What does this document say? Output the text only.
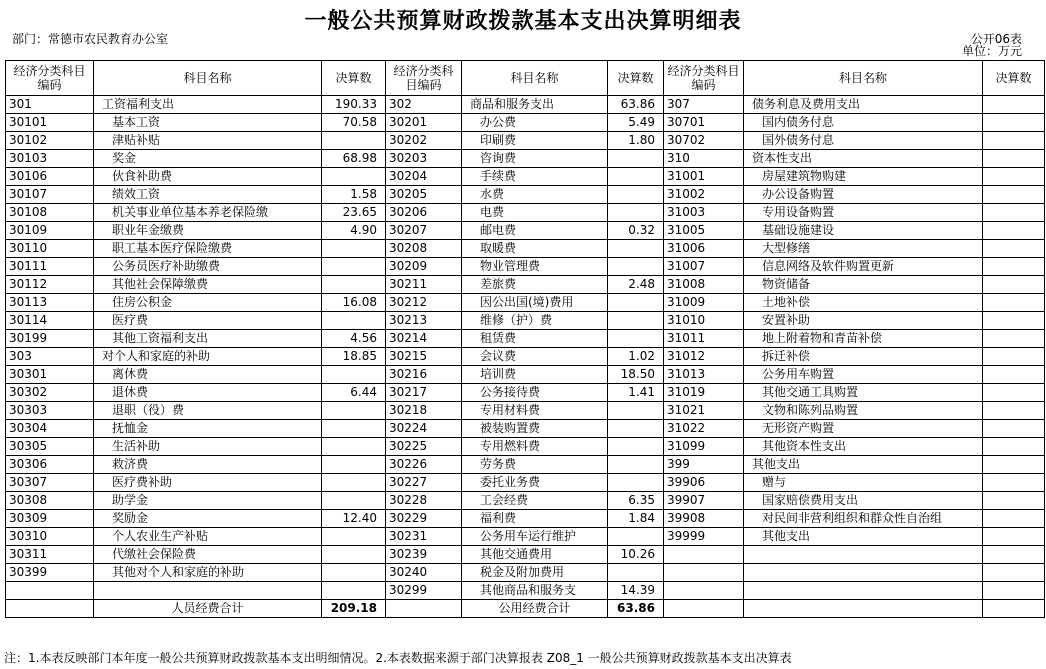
一般公共预算财政拨款基本支出决算明细表
部门：常德市农民教育办公室	公开06表
单位：万元
经济分类科目编码	科目名称	决算数	经济分类科目编码	科目名称	决算数	经济分类科目编码	科目名称	决算数
301	工资福利支出	190.33	302	商品和服务支出	63.86	307	债务利息及费用支出	
30101	基本工资	70.58	30201	办公费	5.49	30701	国内债务付息	
30102	津贴补贴		30202	印刷费	1.80	30702	国外债务付息	
30103	奖金	68.98	30203	咨询费		310	资本性支出	
30106	伙食补助费		30204	手续费		31001	房屋建筑物购建	
30107	绩效工资	1.58	30205	水费		31002	办公设备购置	
30108	机关事业单位基本养老保险缴	23.65	30206	电费		31003	专用设备购置	
30109	职业年金缴费	4.90	30207	邮电费	0.32	31005	基础设施建设	
30110	职工基本医疗保险缴费		30208	取暖费		31006	大型修缮	
30111	公务员医疗补助缴费		30209	物业管理费		31007	信息网络及软件购置更新	
30112	其他社会保障缴费		30211	差旅费	2.48	31008	物资储备	
30113	住房公积金	16.08	30212	因公出国(境)费用		31009	土地补偿	
30114	医疗费		30213	维修（护）费		31010	安置补助	
30199	其他工资福利支出	4.56	30214	租赁费		31011	地上附着物和青苗补偿	
303	对个人和家庭的补助	18.85	30215	会议费	1.02	31012	拆迁补偿	
30301	离休费		30216	培训费	18.50	31013	公务用车购置	
30302	退休费	6.44	30217	公务接待费	1.41	31019	其他交通工具购置	
30303	退职（役）费		30218	专用材料费		31021	文物和陈列品购置	
30304	抚恤金		30224	被装购置费		31022	无形资产购置	
30305	生活补助		30225	专用燃料费		31099	其他资本性支出	
30306	救济费		30226	劳务费		399	其他支出	
30307	医疗费补助		30227	委托业务费		39906	赠与	
30308	助学金		30228	工会经费	6.35	39907	国家赔偿费用支出	
30309	奖励金	12.40	30229	福利费	1.84	39908	对民间非营利组织和群众性自治组	
30310	个人农业生产补贴		30231	公务用车运行维护		39999	其他支出	
30311	代缴社会保险费		30239	其他交通费用	10.26			
30399	其他对个人和家庭的补助		30240	税金及附加费用				
			30299	其他商品和服务支	14.39			
	人员经费合计	209.18		公用经费合计	63.86			
注：1.本表反映部门本年度一般公共预算财政拨款基本支出明细情况。2.本表数据来源于部门决算报表 Z08_1 一般公共预算财政拨款基本支出决算表
